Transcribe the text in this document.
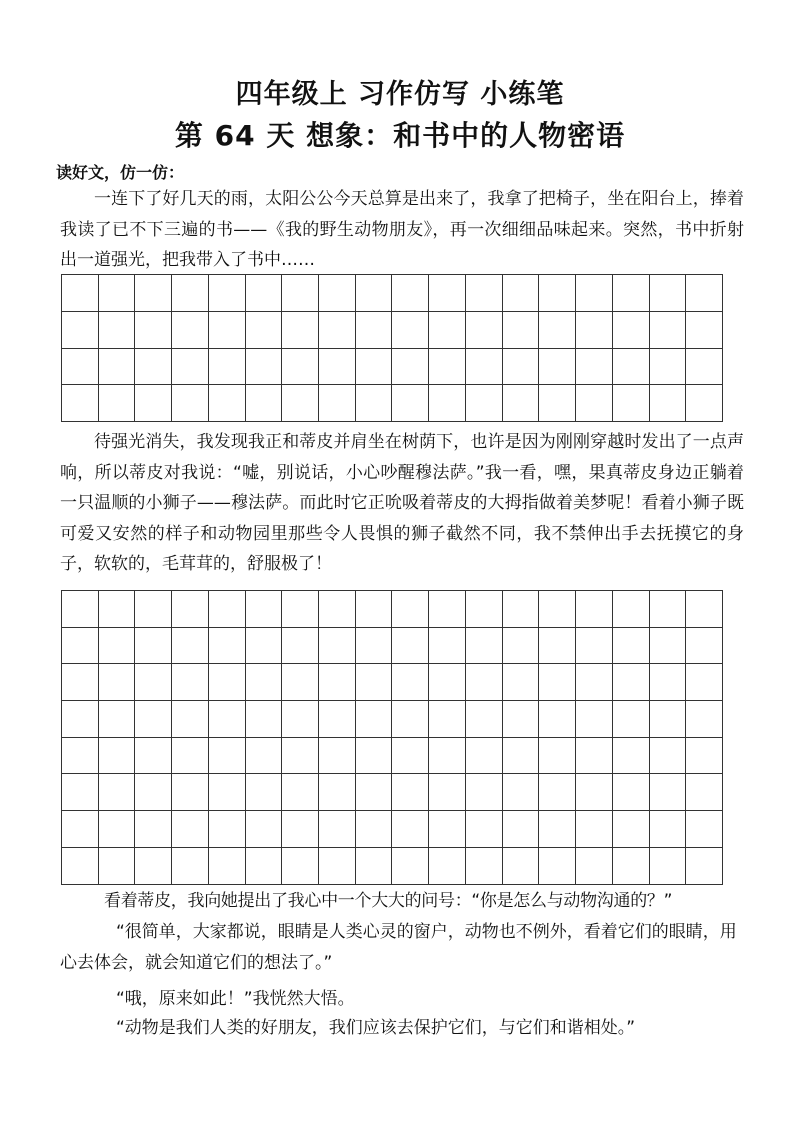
四年级上 习作仿写 小练笔
第 64 天 想象：和书中的人物密语

读好文，仿一仿：

一连下了好几天的雨，太阳公公今天总算是出来了，我拿了把椅子，坐在阳台上，捧着我读了已不下三遍的书——《我的野生动物朋友》，再一次细细品味起来。突然，书中折射出一道强光，把我带入了书中……

待强光消失，我发现我正和蒂皮并肩坐在树荫下，也许是因为刚刚穿越时发出了一点声响，所以蒂皮对我说：“嘘，别说话，小心吵醒穆法萨。”我一看，嘿，果真蒂皮身边正躺着一只温顺的小狮子——穆法萨。而此时它正吮吸着蒂皮的大拇指做着美梦呢！看着小狮子既可爱又安然的样子和动物园里那些令人畏惧的狮子截然不同，我不禁伸出手去抚摸它的身子，软软的，毛茸茸的，舒服极了！

看着蒂皮，我向她提出了我心中一个大大的问号：“你是怎么与动物沟通的？”

“很简单，大家都说，眼睛是人类心灵的窗户，动物也不例外，看着它们的眼睛，用心去体会，就会知道它们的想法了。”

“哦，原来如此！”我恍然大悟。

“动物是我们人类的好朋友，我们应该去保护它们，与它们和谐相处。”
